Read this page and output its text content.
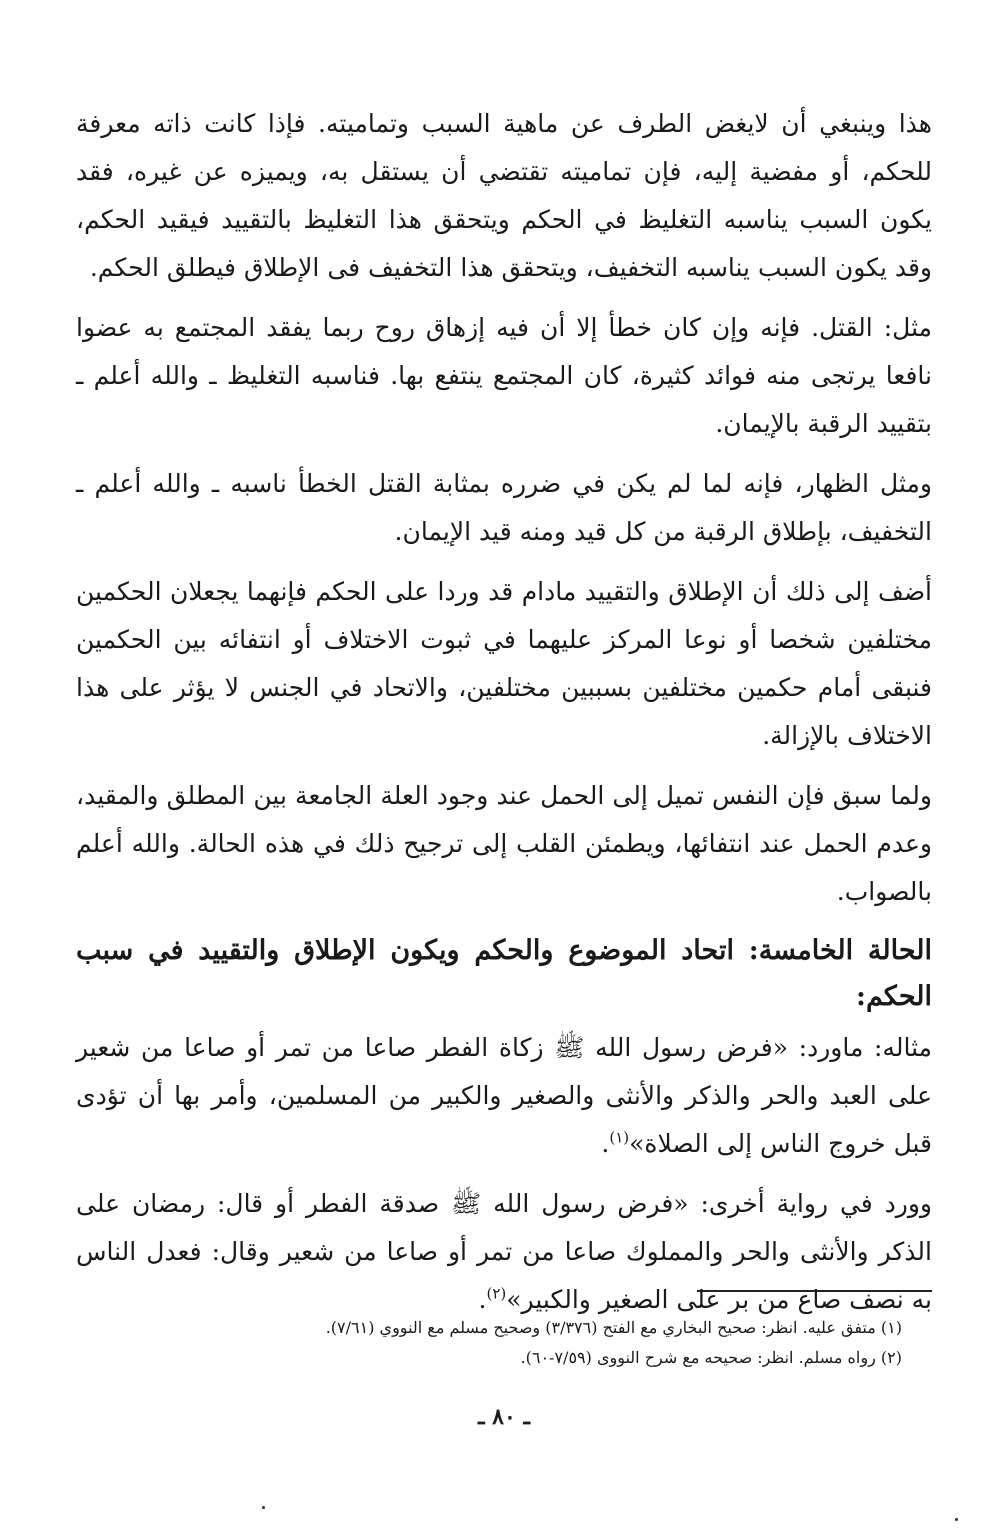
هذا وينبغي أن لايغض الطرف عن ماهية السبب وتماميته. فإذا كانت ذاته معرفة للحكم، أو مفضية إليه، فإن تماميته تقتضي أن يستقل به، ويميزه عن غيره، فقد يكون السبب يناسبه التغليظ في الحكم ويتحقق هذا التغليظ بالتقييد فيقيد الحكم، وقد يكون السبب يناسبه التخفيف، ويتحقق هذا التخفيف فى الإطلاق فيطلق الحكم.

مثل: القتل. فإنه وإن كان خطأ إلا أن فيه إزهاق روح ربما يفقد المجتمع به عضوا نافعا يرتجى منه فوائد كثيرة، كان المجتمع ينتفع بها. فناسبه التغليظ ـ والله أعلم ـ بتقييد الرقبة بالإيمان.

ومثل الظهار، فإنه لما لم يكن في ضرره بمثابة القتل الخطأ ناسبه ـ والله أعلم ـ التخفيف، بإطلاق الرقبة من كل قيد ومنه قيد الإيمان.

أضف إلى ذلك أن الإطلاق والتقييد مادام قد وردا على الحكم فإنهما يجعلان الحكمين مختلفين شخصا أو نوعا المركز عليهما في ثبوت الاختلاف أو انتفائه بين الحكمين فنبقى أمام حكمين مختلفين بسببين مختلفين، والاتحاد في الجنس لا يؤثر على هذا الاختلاف بالإزالة.

ولما سبق فإن النفس تميل إلى الحمل عند وجود العلة الجامعة بين المطلق والمقيد، وعدم الحمل عند انتفائها، ويطمئن القلب إلى ترجيح ذلك في هذه الحالة. والله أعلم بالصواب.

الحالة الخامسة: اتحاد الموضوع والحكم ويكون الإطلاق والتقييد في سبب الحكم:

مثاله: ماورد: «فرض رسول الله ﷺ زكاة الفطر صاعا من تمر أو صاعا من شعير على العبد والحر والذكر والأنثى والصغير والكبير من المسلمين، وأمر بها أن تؤدى قبل خروج الناس إلى الصلاة»$^{(١)}$.

وورد في رواية أخرى: «فرض رسول الله ﷺ صدقة الفطر أو قال: رمضان على الذكر والأنثى والحر والمملوك صاعا من تمر أو صاعا من شعير وقال: فعدل الناس به نصف صاع من بر على الصغير والكبير»$^{(٢)}$.

(١) متفق عليه. انظر: صحيح البخاري مع الفتح (٣/٣٧٦) وصحيح مسلم مع النووي (٧/٦١).

(٢) رواه مسلم. انظر: صحيحه مع شرح النووى (٧/٥٩-٦٠).

ـ ٨٠ ـ
